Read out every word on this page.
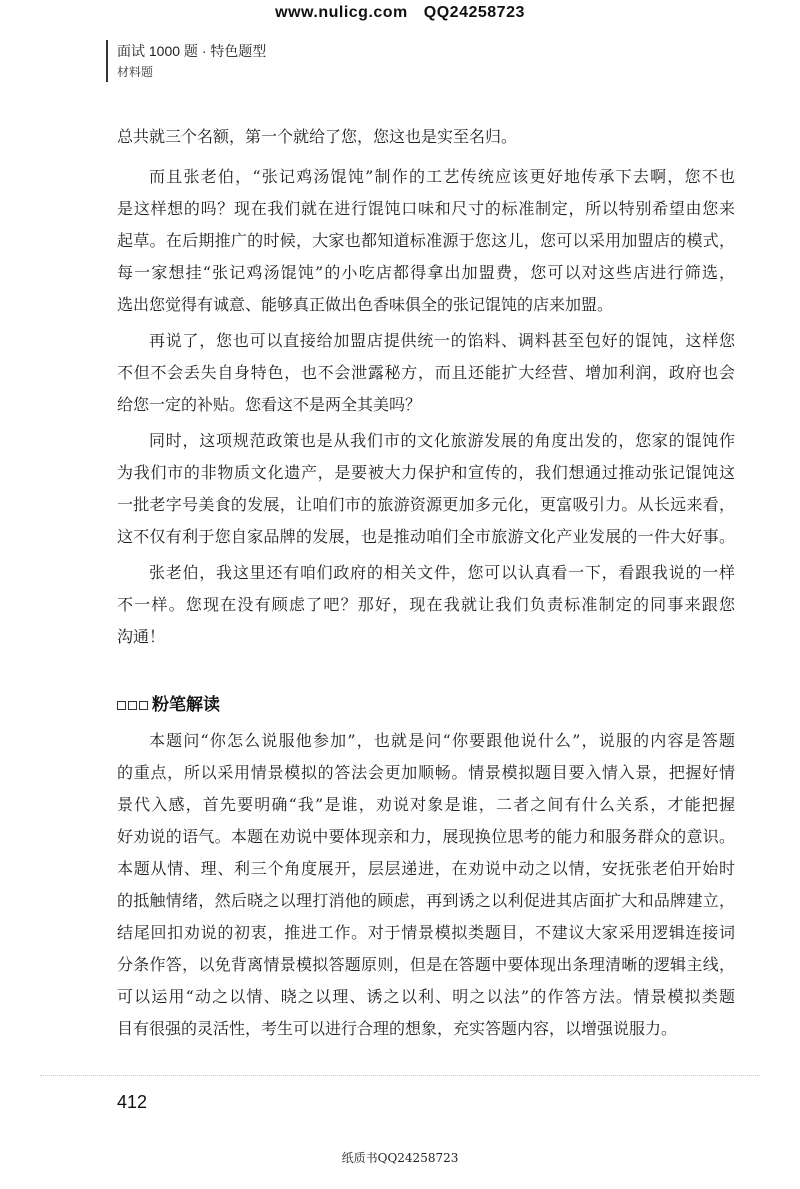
www.nulicg.com QQ24258723
面试 1000 题 · 特色题型
材料题
总共就三个名额，第一个就给了您，您这也是实至名归。
而且张老伯，“张记鸡汤馄饨”制作的工艺传统应该更好地传承下去啊，您不也
是这样想的吗？现在我们就在进行馄饨口味和尺寸的标准制定，所以特别希望由您来
起草。在后期推广的时候，大家也都知道标准源于您这儿，您可以采用加盟店的模式，
每一家想挂“张记鸡汤馄饨”的小吃店都得拿出加盟费，您可以对这些店进行筛选，
选出您觉得有诚意、能够真正做出色香味俱全的张记馄饨的店来加盟。
再说了，您也可以直接给加盟店提供统一的馅料、调料甚至包好的馄饨，这样您
不但不会丢失自身特色，也不会泄露秘方，而且还能扩大经营、增加利润，政府也会
给您一定的补贴。您看这不是两全其美吗？
同时，这项规范政策也是从我们市的文化旅游发展的角度出发的，您家的馄饨作
为我们市的非物质文化遗产，是要被大力保护和宣传的，我们想通过推动张记馄饨这
一批老字号美食的发展，让咱们市的旅游资源更加多元化，更富吸引力。从长远来看，
这不仅有利于您自家品牌的发展，也是推动咱们全市旅游文化产业发展的一件大好事。
张老伯，我这里还有咱们政府的相关文件，您可以认真看一下，看跟我说的一样
不一样。您现在没有顾虑了吧？那好，现在我就让我们负责标准制定的同事来跟您
沟通！
粉笔解读
本题问“你怎么说服他参加”，也就是问“你要跟他说什么”，说服的内容是答题
的重点，所以采用情景模拟的答法会更加顺畅。情景模拟题目要入情入景，把握好情
景代入感，首先要明确“我”是谁，劝说对象是谁，二者之间有什么关系，才能把握
好劝说的语气。本题在劝说中要体现亲和力，展现换位思考的能力和服务群众的意识。
本题从情、理、利三个角度展开，层层递进，在劝说中动之以情，安抚张老伯开始时
的抵触情绪，然后晓之以理打消他的顾虑，再到诱之以利促进其店面扩大和品牌建立，
结尾回扣劝说的初衷，推进工作。对于情景模拟类题目，不建议大家采用逻辑连接词
分条作答，以免背离情景模拟答题原则，但是在答题中要体现出条理清晰的逻辑主线，
可以运用“动之以情、晓之以理、诱之以利、明之以法”的作答方法。情景模拟类题
目有很强的灵活性，考生可以进行合理的想象，充实答题内容，以增强说服力。
412
纸质书QQ24258723
